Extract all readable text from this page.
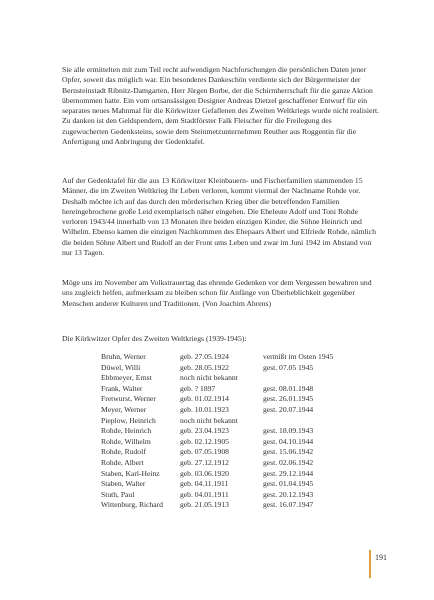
Sie alle ermittelten mit zum Teil recht aufwendigen Nachforschungen die persönlichen Daten jener Opfer, soweit das möglich war. Ein besonderes Dankeschön verdiente sich der Bürgermeister der Bernsteinstadt Ribnitz-Damgarten, Herr Jürgen Borbe, der die Schirmherrschaft für die ganze Aktion übernommen hatte. Ein vom ortsansässigen Designer Andreas Dietzel geschaffener Entwurf für ein separates neues Mahnmal für die Körkwitzer Gefallenen des Zweiten Weltkriegs wurde nicht realisiert. Zu danken ist den Geldspendern, dem Stadtförster Falk Fleischer für die Freilegung des zugewucherten Gedenksteins, sowie dem Steinmetzunternehmen Reuther aus Roggentin für die Anfertigung und Anbringung der Gedenktafel.

Auf der Gedenktafel für die aus 13 Körkwitzer Kleinbauern- und Fischerfamilien stammenden 15 Männer, die im Zweiten Weltkrieg ihr Leben verloren, kommt viermal der Nachname Rohde vor. Deshalb möchte ich auf das durch den mörderischen Krieg über die betreffenden Familien hereingebrochene große Leid exemplarisch näher eingehen. Die Eheleute Adolf und Toni Rohde verloren 1943/44 innerhalb von 13 Monaten ihre beiden einzigen Kinder, die Söhne Heinrich und Wilhelm. Ebenso kamen die einzigen Nachkommen des Ehepaars Albert und Elfriede Rohde, nämlich die beiden Söhne Albert und Rudolf an der Front ums Leben und zwar im Juni 1942 im Abstand von nur 13 Tagen.

Möge uns im November am Volkstrauertag das ehrende Gedenken vor dem Vergessen bewahren und uns zugleich helfen, aufmerksam zu bleiben schon für Anfänge von Überheblichkeit gegenüber Menschen anderer Kulturen und Traditionen. (Von Joachim Ahrens)

Die Körkwitzer Opfer des Zweiten Weltkriegs (1939-1945):
Bruhn, Werner	geb. 27.05.1924	vermißt im Osten 1945
Düwel, Willi	geb. 28.05.1922	gest. 07.05 1945
Ebbmeyer, Ernst	noch nicht bekannt	
Frank, Walter	geb. ? 1897	gest. 08.01.1948
Fretwurst, Werner	geb. 01.02.1914	gest. 26.01.1945
Meyer, Werner	geb. 10.01.1923	gest. 20.07.1944
Pieplow, Heinrich	noch nicht bekannt	
Rohde, Heinrich	geb. 23.04.1923	gest. 18.09.1943
Rohde, Wilhelm	geb. 02.12.1905	gest. 04.10.1944
Rohde, Rudolf	geb. 07.05.1908	gest. 15.06.1942
Rohde, Albert	geb. 27.12.1912	gest. 02.06.1942
Staben, Karl-Heinz	geb. 03.06.1920	gest. 29.12.1944
Staben, Walter	geb. 04.11.1911	gest. 01.04.1945
Stuth, Paul	geb. 04.01.1911	gest. 20.12.1943
Wittenburg, Richard	geb. 21.05.1913	gest. 16.07.1947
191
